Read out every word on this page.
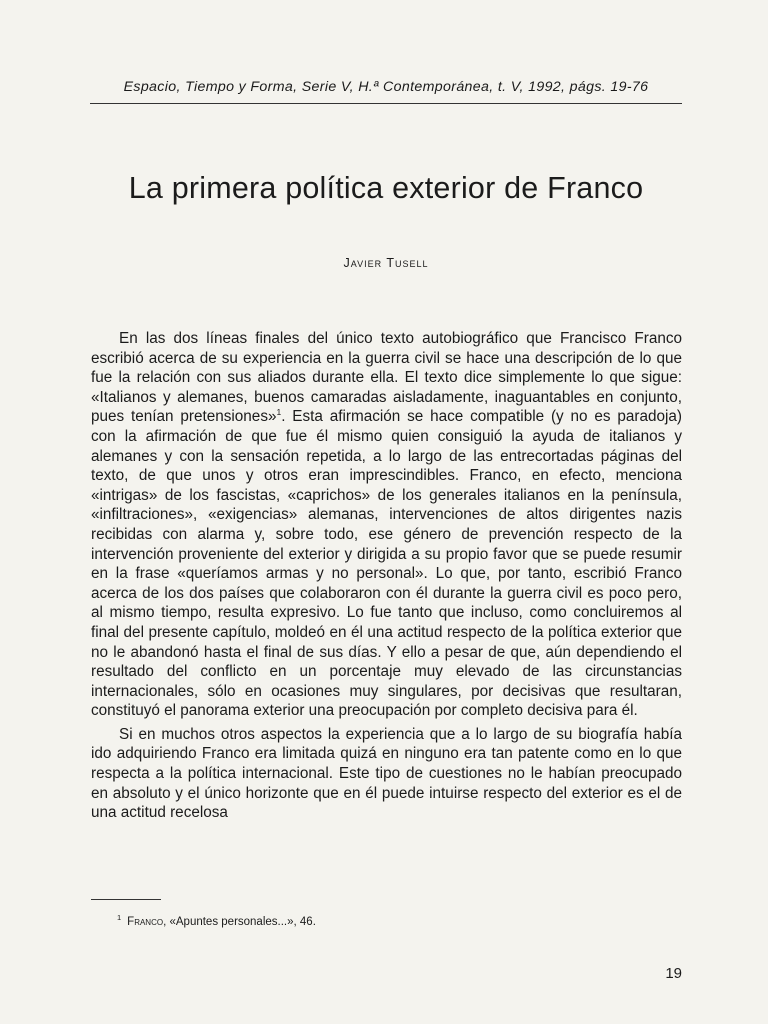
Espacio, Tiempo y Forma, Serie V, H.ª Contemporánea, t. V, 1992, págs. 19-76
La primera política exterior de Franco

Javier Tusell

En las dos líneas finales del único texto autobiográfico que Francisco Franco escribió acerca de su experiencia en la guerra civil se hace una descripción de lo que fue la relación con sus aliados durante ella. El texto dice simplemente lo que sigue: «Italianos y alemanes, buenos camaradas aisladamente, inaguantables en conjunto, pues tenían pretensiones»$^1$. Esta afirmación se hace compatible (y no es paradoja) con la afirmación de que fue él mismo quien consiguió la ayuda de italianos y alemanes y con la sensación repetida, a lo largo de las entrecortadas páginas del texto, de que unos y otros eran imprescindibles. Franco, en efecto, menciona «intrigas» de los fascistas, «caprichos» de los generales italianos en la península, «infiltraciones», «exigencias» alemanas, intervenciones de altos dirigentes nazis recibidas con alarma y, sobre todo, ese género de prevención respecto de la intervención proveniente del exterior y dirigida a su propio favor que se puede resumir en la frase «queríamos armas y no personal». Lo que, por tanto, escribió Franco acerca de los dos países que colaboraron con él durante la guerra civil es poco pero, al mismo tiempo, resulta expresivo. Lo fue tanto que incluso, como concluiremos al final del presente capítulo, moldeó en él una actitud respecto de la política exterior que no le abandonó hasta el final de sus días. Y ello a pesar de que, aún dependiendo el resultado del conflicto en un porcentaje muy elevado de las circunstancias internacionales, sólo en ocasiones muy singulares, por decisivas que resultaran, constituyó el panorama exterior una preocupación por completo decisiva para él.

Si en muchos otros aspectos la experiencia que a lo largo de su biografía había ido adquiriendo Franco era limitada quizá en ninguno era tan patente como en lo que respecta a la política internacional. Este tipo de cuestiones no le habían preocupado en absoluto y el único horizonte que en él puede intuirse respecto del exterior es el de una actitud recelosa

$^1$ Franco, «Apuntes personales...», 46.
19
